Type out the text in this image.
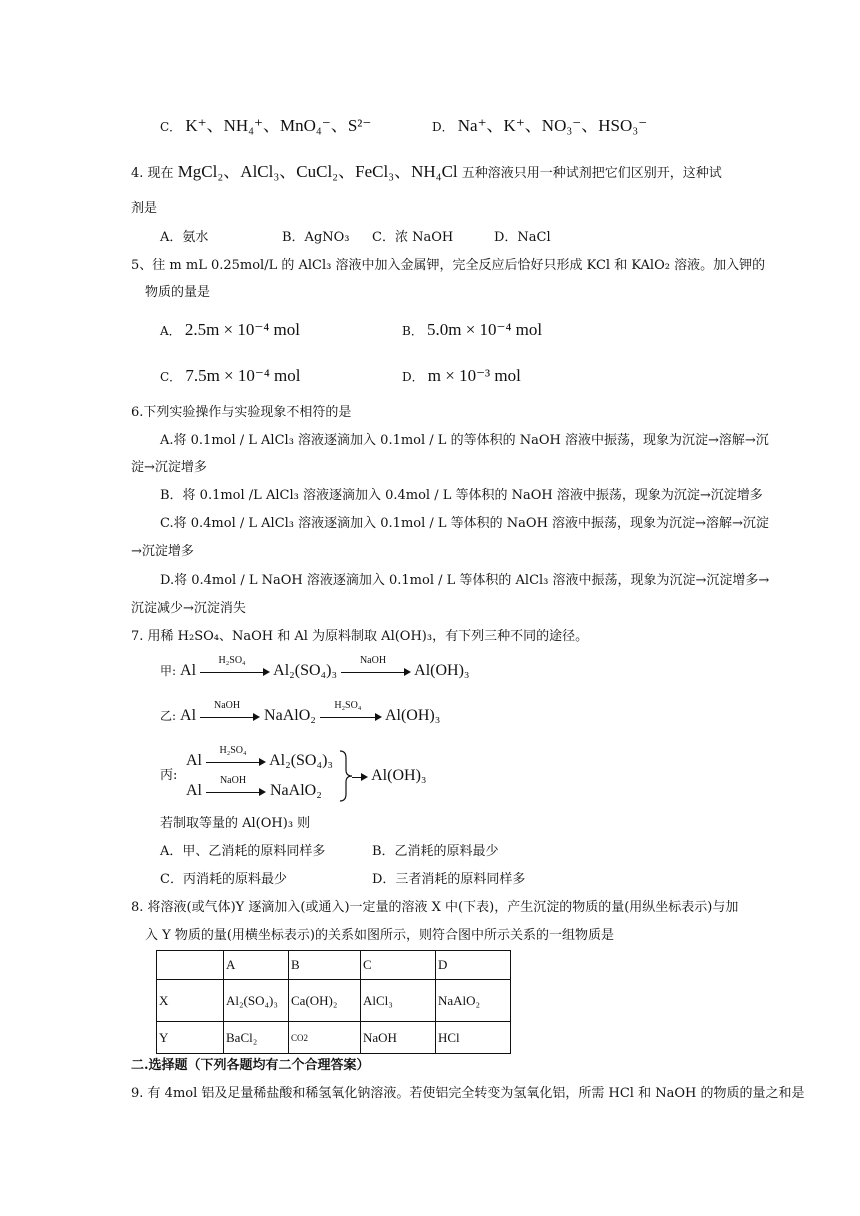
C． K⁺、NH₄⁺、MnO₄⁻、S²⁻	D． Na⁺、K⁺、NO₃⁻、HSO₃⁻
4. 现在 MgCl₂、AlCl₃、CuCl₂、FeCl₃、NH₄Cl 五种溶液只用一种试剂把它们区别开，这种试
剂是
A．氨水	B．AgNO₃ C．浓 NaOH	D．NaCl
5、往 m mL 0.25mol/L 的 AlCl₃ 溶液中加入金属钾，完全反应后恰好只形成 KCl 和 KAlO₂ 溶液。加入钾的
物质的量是
A． 2.5m × 10⁻⁴ mol	B． 5.0m × 10⁻⁴ mol
C． 7.5m × 10⁻⁴ mol	D． m × 10⁻³ mol
6.下列实验操作与实验现象不相符的是
A.将 0.1mol / L AlCl₃ 溶液逐滴加入 0.1mol / L 的等体积的 NaOH 溶液中振荡，现象为沉淀→溶解→沉
淀→沉淀增多
B．将 0.1mol /L AlCl₃ 溶液逐滴加入 0.4mol / L 等体积的 NaOH 溶液中振荡，现象为沉淀→沉淀增多
C.将 0.4mol / L AlCl₃ 溶液逐滴加入 0.1mol / L 等体积的 NaOH 溶液中振荡，现象为沉淀→溶解→沉淀
→沉淀增多
D.将 0.4mol / L NaOH 溶液逐滴加入 0.1mol / L 等体积的 AlCl₃ 溶液中振荡，现象为沉淀→沉淀增多→
沉淀减少→沉淀消失
7. 用稀 H₂SO₄、NaOH 和 Al 为原料制取 Al(OH)₃，有下列三种不同的途径。
甲: Al
H₂SO₄
Al₂(SO₄)₃
NaOH
Al(OH)₃
乙: Al
NaOH
NaAlO₂
H₂SO₄
Al(OH)₃
丙:
Al
H₂SO₄
Al₂(SO₄)₃
Al
NaOH
NaAlO₂
Al(OH)₃
若制取等量的 Al(OH)₃ 则
A．甲、乙消耗的原料同样多	B．乙消耗的原料最少
C．丙消耗的原料最少	D．三者消耗的原料同样多
8. 将溶液(或气体)Y 逐滴加入(或通入)一定量的溶液 X 中(下表)，产生沉淀的物质的量(用纵坐标表示)与加
入 Y 物质的量(用横坐标表示)的关系如图所示，则符合图中所示关系的一组物质是
	A	B	C	D
X	Al₂(SO₄)₃	Ca(OH)₂	AlCl₃	NaAlO₂
Y	BaCl₂	CO2	NaOH	HCl
二.选择题（下列各题均有二个合理答案）
9. 有 4mol 铝及足量稀盐酸和稀氢氧化钠溶液。若使铝完全转变为氢氧化铝，所需 HCl 和 NaOH 的物质的量之和是
